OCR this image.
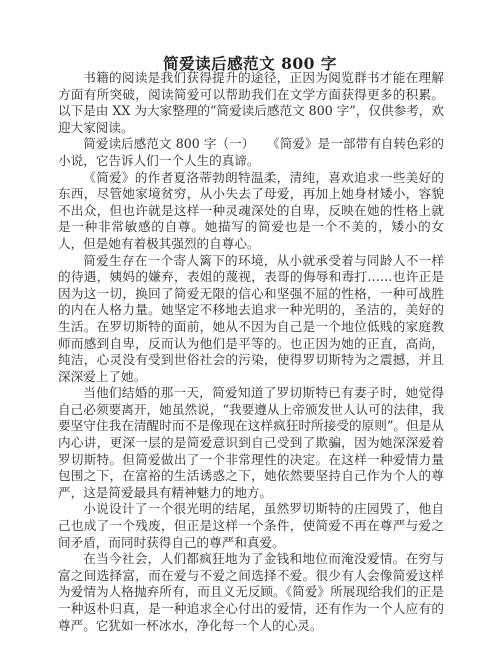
简爱读后感范文 800 字

书籍的阅读是我们获得提升的途径，正因为阅览群书才能在理解方面有所突破，阅读简爱可以帮助我们在文学方面获得更多的积累。以下是由 XX 为大家整理的“简爱读后感范文 800 字”，仅供参考，欢迎大家阅读。

简爱读后感范文 800 字（一）　　《简爱》是一部带有自转色彩的小说，它告诉人们一个人生的真谛。

《简爱》的作者夏洛蒂勃朗特温柔，清纯，喜欢追求一些美好的东西，尽管她家境贫穷，从小失去了母爱，再加上她身材矮小，容貌不出众，但也许就是这样一种灵魂深处的自卑，反映在她的性格上就是一种非常敏感的自尊。她描写的简爱也是一个不美的，矮小的女人，但是她有着极其强烈的自尊心。

简爱生存在一个寄人篱下的环境，从小就承受着与同龄人不一样的待遇，姨妈的嫌弃，表姐的蔑视，表哥的侮辱和毒打……也许正是因为这一切，换回了简爱无限的信心和坚强不屈的性格，一种可战胜的内在人格力量。她坚定不移地去追求一种光明的，圣洁的，美好的生活。在罗切斯特的面前，她从不因为自己是一个地位低贱的家庭教师而感到自卑，反而认为他们是平等的。也正因为她的正直，高尚，纯洁，心灵没有受到世俗社会的污染，使得罗切斯特为之震撼，并且深深爱上了她。

当他们结婚的那一天，简爱知道了罗切斯特已有妻子时，她觉得自己必须要离开，她虽然说，“我要遵从上帝颁发世人认可的法律，我要坚守住我在清醒时而不是像现在这样疯狂时所接受的原则”。但是从内心讲，更深一层的是简爱意识到自己受到了欺骗，因为她深深爱着罗切斯特。但简爱做出了一个非常理性的决定。在这样一种爱情力量包围之下，在富裕的生活诱惑之下，她依然要坚持自己作为个人的尊严，这是简爱最具有精神魅力的地方。

小说设计了一个很光明的结尾，虽然罗切斯特的庄园毁了，他自己也成了一个残废，但正是这样一个条件，使简爱不再在尊严与爱之间矛盾，而同时获得自己的尊严和真爱。

在当今社会，人们都疯狂地为了金钱和地位而淹没爱情。在穷与富之间选择富，而在爱与不爱之间选择不爱。很少有人会像简爱这样为爱情为人格抛弃所有，而且义无反顾。《简爱》所展现给我们的正是一种返朴归真，是一种追求全心付出的爱情，还有作为一个人应有的尊严。它犹如一杯冰水，净化每一个人的心灵。
